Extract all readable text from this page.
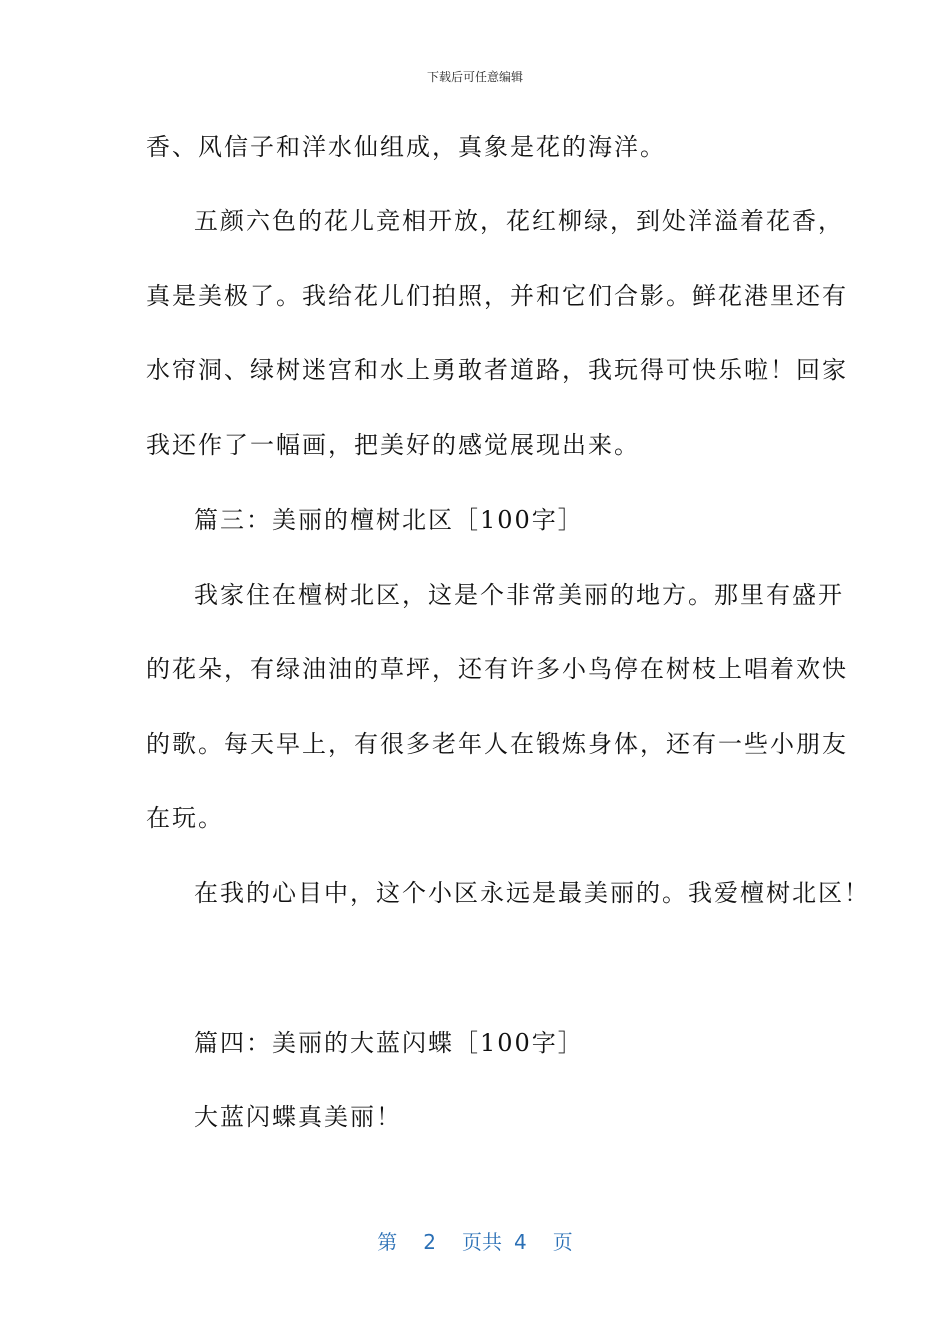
下载后可任意编辑
香、风信子和洋水仙组成，真象是花的海洋。
五颜六色的花儿竞相开放，花红柳绿，到处洋溢着花香，
真是美极了。我给花儿们拍照，并和它们合影。鲜花港里还有
水帘洞、绿树迷宫和水上勇敢者道路，我玩得可快乐啦！回家
我还作了一幅画，把美好的感觉展现出来。
篇三：美丽的檀树北区［100字］
我家住在檀树北区，这是个非常美丽的地方。那里有盛开
的花朵，有绿油油的草坪，还有许多小鸟停在树枝上唱着欢快
的歌。每天早上，有很多老年人在锻炼身体，还有一些小朋友
在玩。
在我的心目中，这个小区永远是最美丽的。我爱檀树北区！
篇四：美丽的大蓝闪蝶［100字］
大蓝闪蝶真美丽！
第 2 页共 4 页
